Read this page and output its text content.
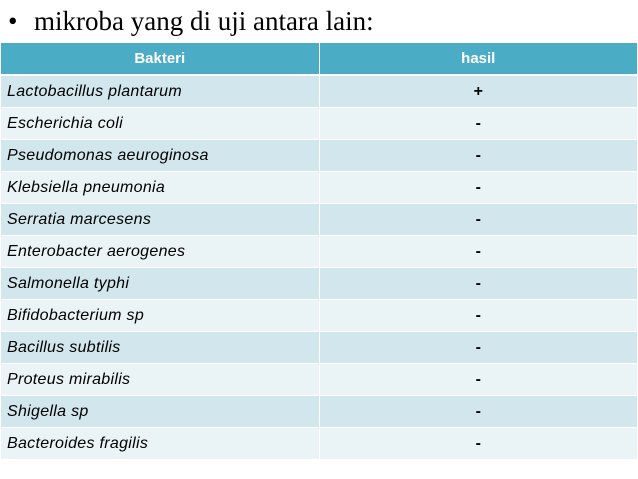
• mikroba yang di uji antara lain:
Bakteri	hasil
Lactobacillus plantarum	+
Escherichia coli	-
Pseudomonas aeuroginosa	-
Klebsiella pneumonia	-
Serratia marcesens	-
Enterobacter aerogenes	-
Salmonella typhi	-
Bifidobacterium sp	-
Bacillus subtilis	-
Proteus mirabilis	-
Shigella sp	-
Bacteroides fragilis	-
